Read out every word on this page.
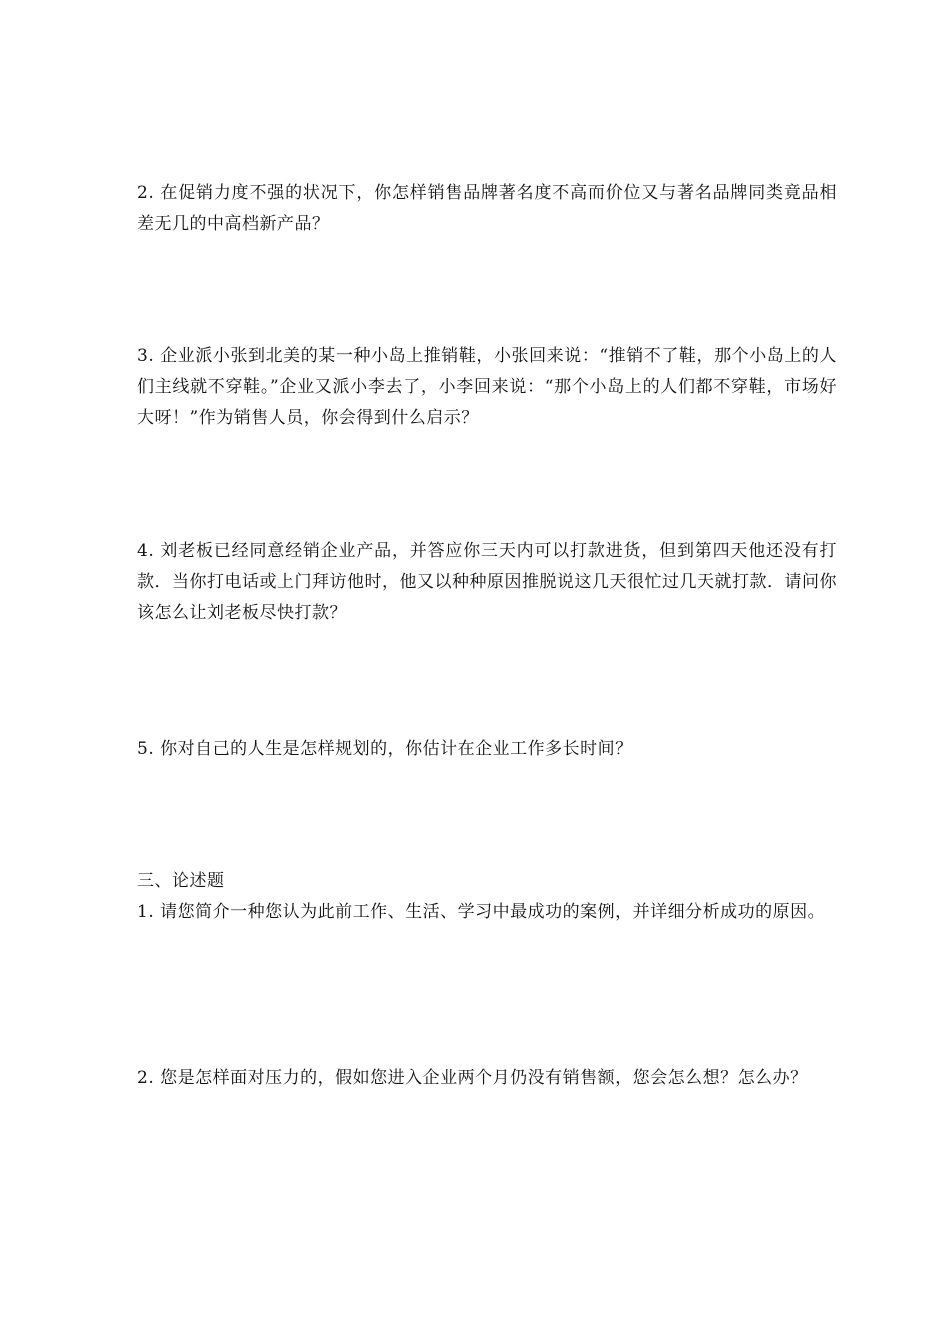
2. 在促销力度不强的状况下，你怎样销售品牌著名度不高而价位又与著名品牌同类竟品相差无几的中高档新产品？
3. 企业派小张到北美的某一种小岛上推销鞋，小张回来说：“推销不了鞋，那个小岛上的人们主线就不穿鞋。”企业又派小李去了，小李回来说：“那个小岛上的人们都不穿鞋，市场好大呀！”作为销售人员，你会得到什么启示？
4. 刘老板已经同意经销企业产品，并答应你三天内可以打款进货，但到第四天他还没有打款．当你打电话或上门拜访他时，他又以种种原因推脱说这几天很忙过几天就打款．请问你该怎么让刘老板尽快打款？
5. 你对自己的人生是怎样规划的，你估计在企业工作多长时间？
三、论述题
1. 请您简介一种您认为此前工作、生活、学习中最成功的案例，并详细分析成功的原因。
2. 您是怎样面对压力的，假如您进入企业两个月仍没有销售额，您会怎么想？怎么办？
